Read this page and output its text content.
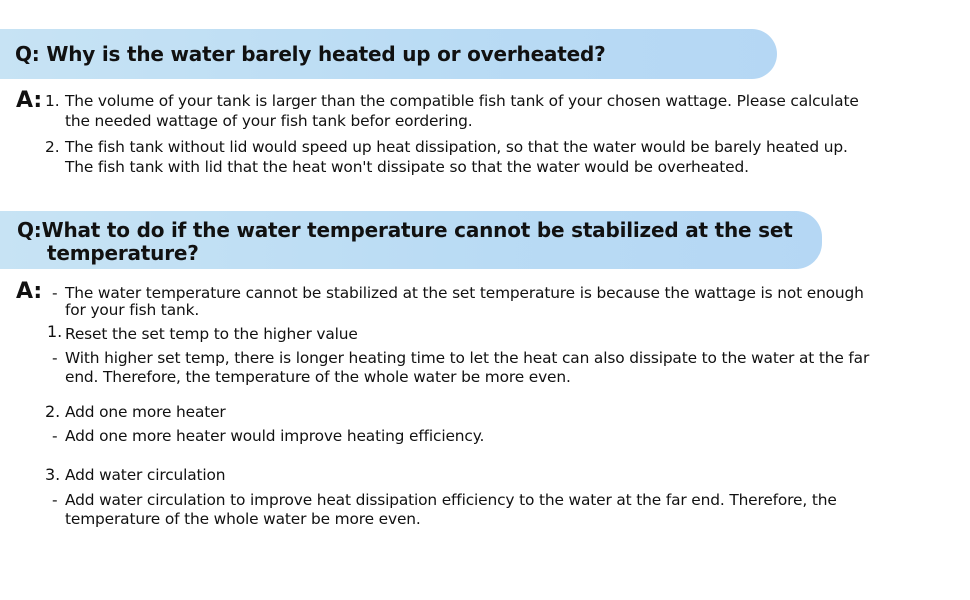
Q: Why is the water barely heated up or overheated?
A: 1. The volume of your tank is larger than the compatible fish tank of your chosen wattage. Please calculate
the needed wattage of your fish tank befor eordering.
2. The fish tank without lid would speed up heat dissipation, so that the water would be barely heated up.
The fish tank with lid that the heat won't dissipate so that the water would be overheated.
Q:What to do if the water temperature cannot be stabilized at the set
temperature?
A: - The water temperature cannot be stabilized at the set temperature is because the wattage is not enough
for your fish tank.
1. Reset the set temp to the higher value
- With higher set temp, there is longer heating time to let the heat can also dissipate to the water at the far
end. Therefore, the temperature of the whole water be more even.
2. Add one more heater
- Add one more heater would improve heating efficiency.
3. Add water circulation
- Add water circulation to improve heat dissipation efficiency to the water at the far end. Therefore, the
temperature of the whole water be more even.
